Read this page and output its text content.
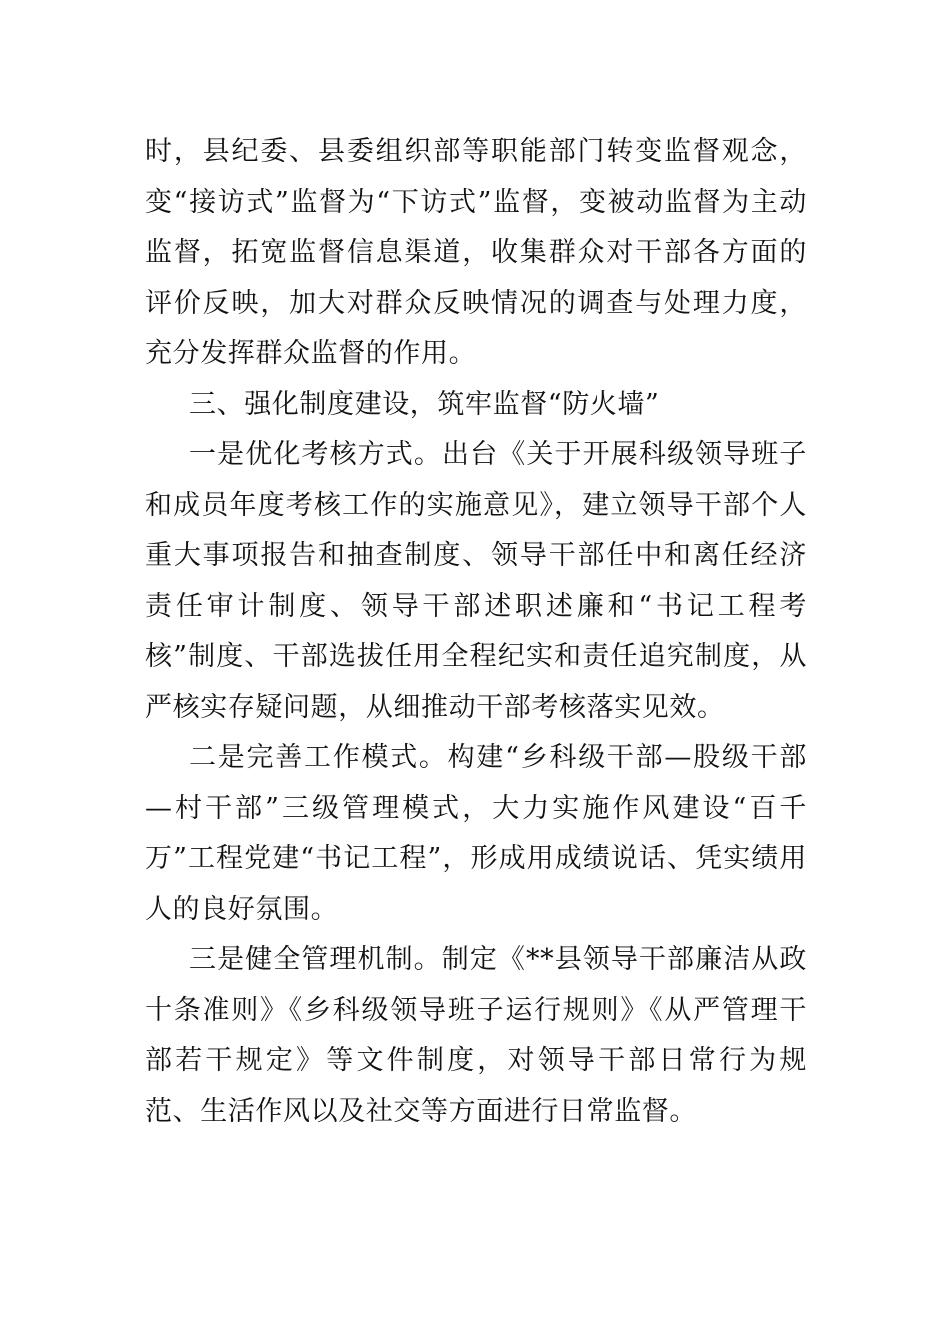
时，县纪委、县委组织部等职能部门转变监督观念，变“接访式”监督为“下访式”监督，变被动监督为主动监督，拓宽监督信息渠道，收集群众对干部各方面的评价反映，加大对群众反映情况的调查与处理力度，充分发挥群众监督的作用。

三、强化制度建设，筑牢监督“防火墙”

一是优化考核方式。出台《关于开展科级领导班子和成员年度考核工作的实施意见》，建立领导干部个人重大事项报告和抽查制度、领导干部任中和离任经济责任审计制度、领导干部述职述廉和“书记工程考核”制度、干部选拔任用全程纪实和责任追究制度，从严核实存疑问题，从细推动干部考核落实见效。

二是完善工作模式。构建“乡科级干部—股级干部—村干部”三级管理模式，大力实施作风建设“百千万”工程党建“书记工程”，形成用成绩说话、凭实绩用人的良好氛围。

三是健全管理机制。制定《**县领导干部廉洁从政十条准则》《乡科级领导班子运行规则》《从严管理干部若干规定》等文件制度，对领导干部日常行为规范、生活作风以及社交等方面进行日常监督。
